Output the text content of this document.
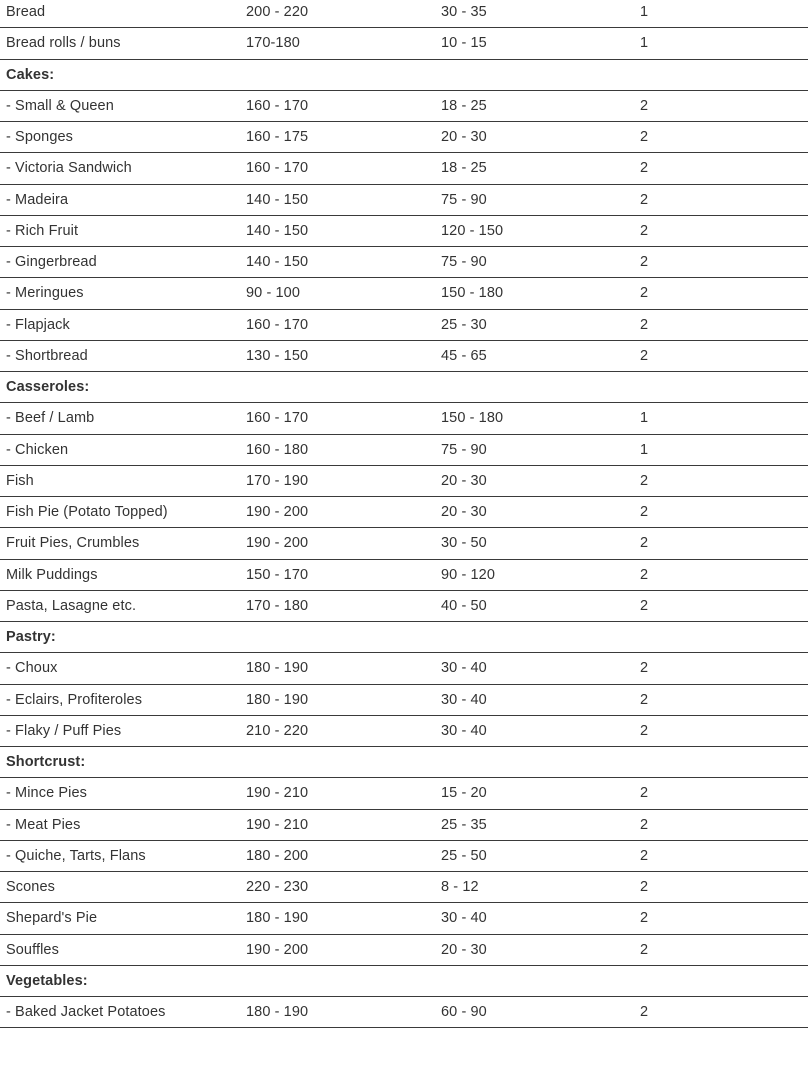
Bread	200 - 220	30 - 35	1
Bread rolls / buns	170-180	10 - 15	1
Cakes:
- Small & Queen	160 - 170	18 - 25	2
- Sponges	160 - 175	20 - 30	2
- Victoria Sandwich	160 - 170	18 - 25	2
- Madeira	140 - 150	75 - 90	2
- Rich Fruit	140 - 150	120 - 150	2
- Gingerbread	140 - 150	75 - 90	2
- Meringues	90 - 100	150 - 180	2
- Flapjack	160 - 170	25 - 30	2
- Shortbread	130 - 150	45 - 65	2
Casseroles:
- Beef / Lamb	160 - 170	150 - 180	1
- Chicken	160 - 180	75 - 90	1
Fish	170 - 190	20 - 30	2
Fish Pie (Potato Topped)	190 - 200	20 - 30	2
Fruit Pies, Crumbles	190 - 200	30 - 50	2
Milk Puddings	150 - 170	90 - 120	2
Pasta, Lasagne etc.	170 - 180	40 - 50	2
Pastry:
- Choux	180 - 190	30 - 40	2
- Eclairs, Profiteroles	180 - 190	30 - 40	2
- Flaky / Puff Pies	210 - 220	30 - 40	2
Shortcrust:
- Mince Pies	190 - 210	15 - 20	2
- Meat Pies	190 - 210	25 - 35	2
- Quiche, Tarts, Flans	180 - 200	25 - 50	2
Scones	220 - 230	8 - 12	2
Shepard's Pie	180 - 190	30 - 40	2
Souffles	190 - 200	20 - 30	2
Vegetables:
- Baked Jacket Potatoes	180 - 190	60 - 90	2
